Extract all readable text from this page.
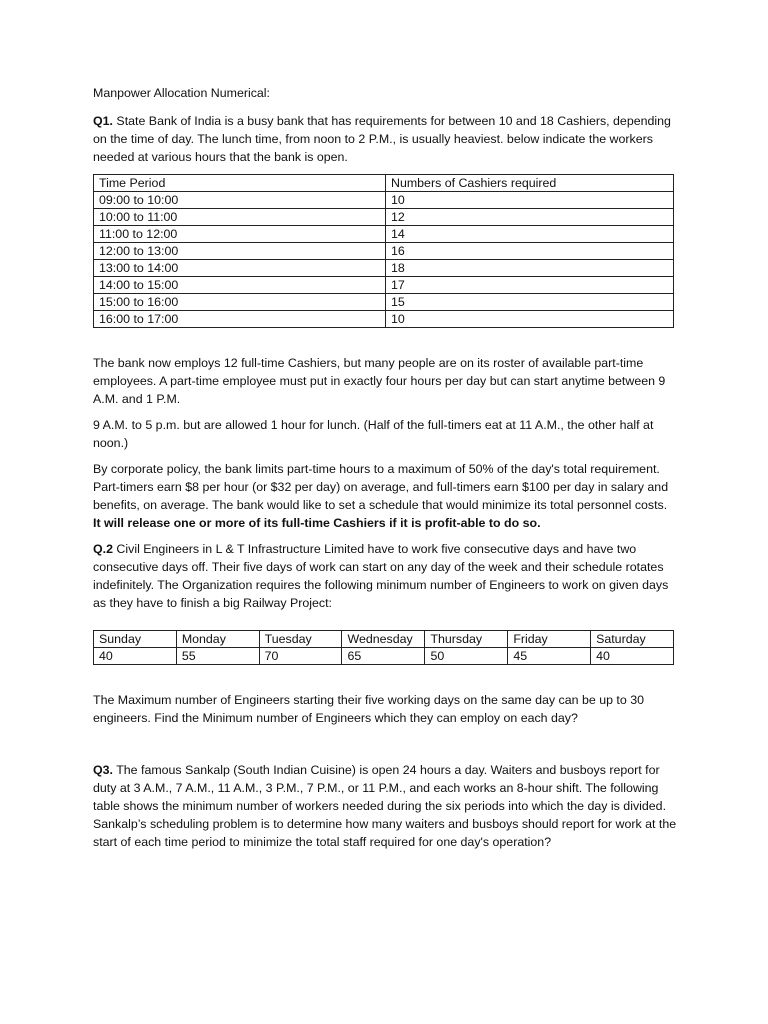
Manpower Allocation Numerical:

Q1. State Bank of India is a busy bank that has requirements for between 10 and 18 Cashiers, depending on the time of day. The lunch time, from noon to 2 P.M., is usually heaviest. below indicate the workers needed at various hours that the bank is open.

Time Period	Numbers of Cashiers required
09:00 to 10:00	10
10:00 to 11:00	12
11:00 to 12:00	14
12:00 to 13:00	16
13:00 to 14:00	18
14:00 to 15:00	17
15:00 to 16:00	15
16:00 to 17:00	10

The bank now employs 12 full-time Cashiers, but many people are on its roster of available part-time employees. A part-time employee must put in exactly four hours per day but can start anytime between 9 A.M. and 1 P.M.

9 A.M. to 5 p.m. but are allowed 1 hour for lunch. (Half of the full-timers eat at 11 A.M., the other half at noon.)

By corporate policy, the bank limits part-time hours to a maximum of 50% of the day's total requirement. Part-timers earn $8 per hour (or $32 per day) on average, and full-timers earn $100 per day in salary and benefits, on average. The bank would like to set a schedule that would minimize its total personnel costs. It will release one or more of its full-time Cashiers if it is profit-able to do so.

Q.2 Civil Engineers in L & T Infrastructure Limited have to work five consecutive days and have two consecutive days off. Their five days of work can start on any day of the week and their schedule rotates indefinitely. The Organization requires the following minimum number of Engineers to work on given days as they have to finish a big Railway Project:

Sunday	Monday	Tuesday	Wednesday	Thursday	Friday	Saturday
40	55	70	65	50	45	40

The Maximum number of Engineers starting their five working days on the same day can be up to 30 engineers. Find the Minimum number of Engineers which they can employ on each day?

Q3. The famous Sankalp (South Indian Cuisine) is open 24 hours a day. Waiters and busboys report for duty at 3 A.M., 7 A.M., 11 A.M., 3 P.M., 7 P.M., or 11 P.M., and each works an 8-hour shift. The following table shows the minimum number of workers needed during the six periods into which the day is divided. Sankalp’s scheduling problem is to determine how many waiters and busboys should report for work at the start of each time period to minimize the total staff required for one day's operation?
